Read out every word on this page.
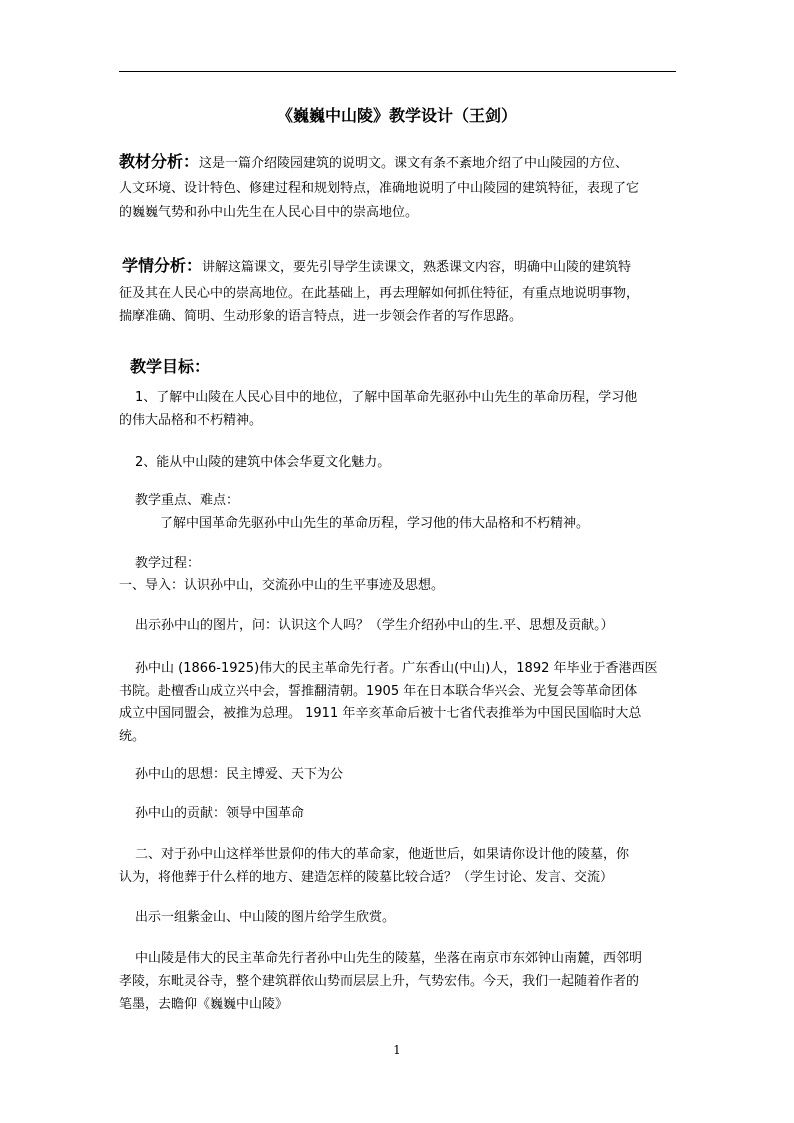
《巍巍中山陵》教学设计（王剑）
教材分析：这是一篇介绍陵园建筑的说明文。课文有条不紊地介绍了中山陵园的方位、
人文环境、设计特色、修建过程和规划特点，准确地说明了中山陵园的建筑特征，表现了它
的巍巍气势和孙中山先生在人民心目中的崇高地位。
学情分析：讲解这篇课文，要先引导学生读课文，熟悉课文内容，明确中山陵的建筑特
征及其在人民心中的崇高地位。在此基础上，再去理解如何抓住特征，有重点地说明事物，
揣摩准确、简明、生动形象的语言特点，进一步领会作者的写作思路。
教学目标：
1、了解中山陵在人民心目中的地位，了解中国革命先驱孙中山先生的革命历程，学习他
的伟大品格和不朽精神。
2、能从中山陵的建筑中体会华夏文化魅力。
教学重点、难点：
了解中国革命先驱孙中山先生的革命历程，学习他的伟大品格和不朽精神。
教学过程：
一、导入：认识孙中山，交流孙中山的生平事迹及思想。
出示孙中山的图片，问：认识这个人吗？（学生介绍孙中山的生.平、思想及贡献。）
孙中山 (1866-1925)伟大的民主革命先行者。广东香山(中山)人，1892 年毕业于香港西医
书院。赴檀香山成立兴中会，誓推翻清朝。1905 年在日本联合华兴会、光复会等革命团体
成立中国同盟会，被推为总理。 1911 年辛亥革命后被十七省代表推举为中国民国临时大总
统。
孙中山的思想：民主博爱、天下为公
孙中山的贡献：领导中国革命
二、对于孙中山这样举世景仰的伟大的革命家，他逝世后，如果请你设计他的陵墓，你
认为，将他葬于什么样的地方、建造怎样的陵墓比较合适？（学生讨论、发言、交流）
出示一组紫金山、中山陵的图片给学生欣赏。
中山陵是伟大的民主革命先行者孙中山先生的陵墓，坐落在南京市东郊钟山南麓，西邻明
孝陵，东毗灵谷寺，整个建筑群依山势而层层上升，气势宏伟。今天，我们一起随着作者的
笔墨，去瞻仰《巍巍中山陵》
1
